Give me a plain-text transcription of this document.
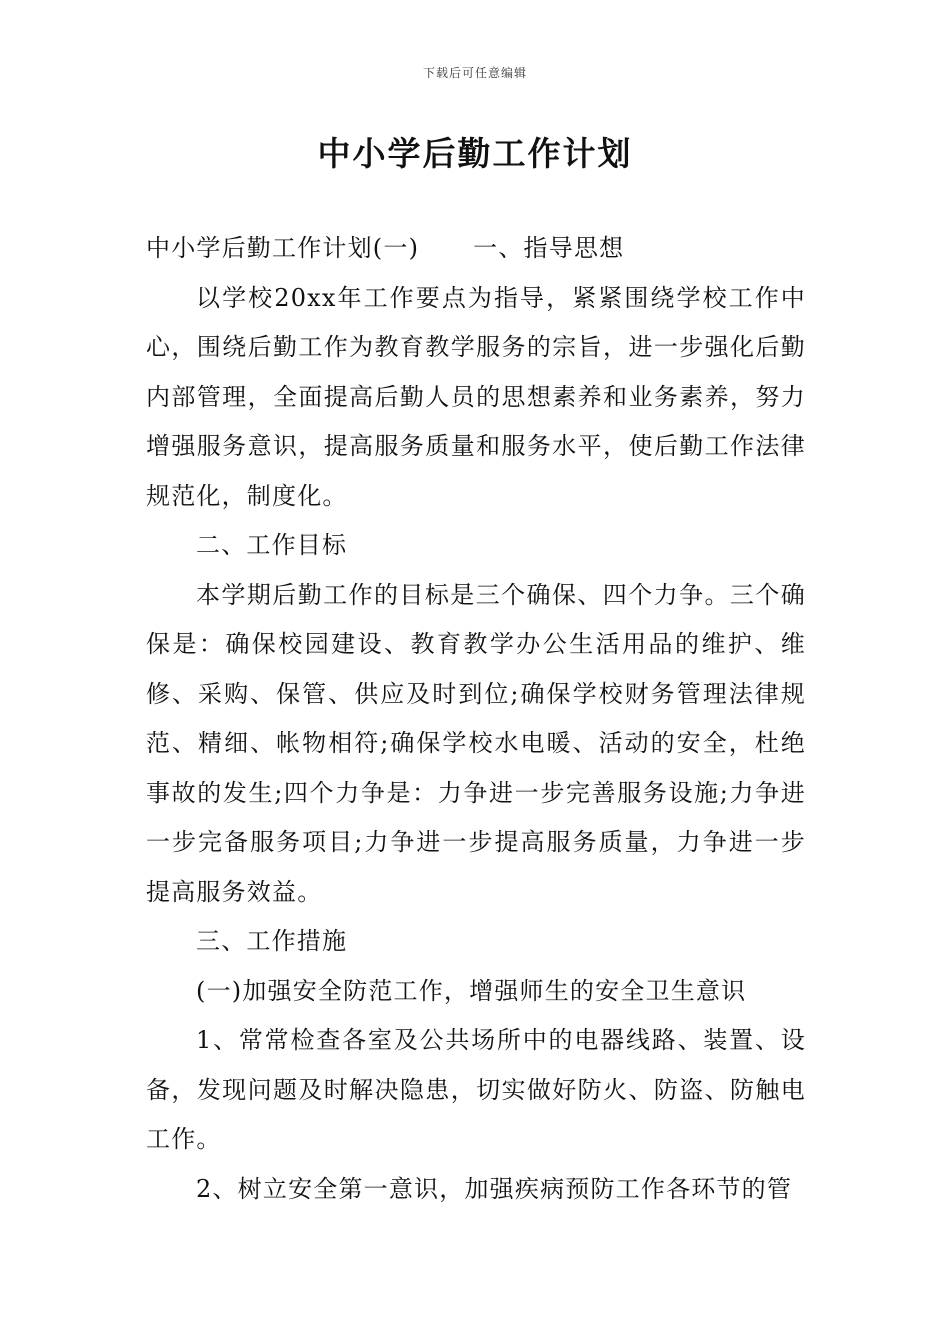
下载后可任意编辑
中小学后勤工作计划

中小学后勤工作计划(一) 一、指导思想

以学校20xx年工作要点为指导，紧紧围绕学校工作中心，围绕后勤工作为教育教学服务的宗旨，进一步强化后勤内部管理，全面提高后勤人员的思想素养和业务素养，努力增强服务意识，提高服务质量和服务水平，使后勤工作法律规范化，制度化。

二、工作目标

本学期后勤工作的目标是三个确保、四个力争。三个确保是：确保校园建设、教育教学办公生活用品的维护、维修、采购、保管、供应及时到位;确保学校财务管理法律规范、精细、帐物相符;确保学校水电暖、活动的安全，杜绝事故的发生;四个力争是：力争进一步完善服务设施;力争进一步完备服务项目;力争进一步提高服务质量，力争进一步提高服务效益。

三、工作措施

(一)加强安全防范工作，增强师生的安全卫生意识

1、常常检查各室及公共场所中的电器线路、装置、设备，发现问题及时解决隐患，切实做好防火、防盗、防触电工作。

2、树立安全第一意识，加强疾病预防工作各环节的管
